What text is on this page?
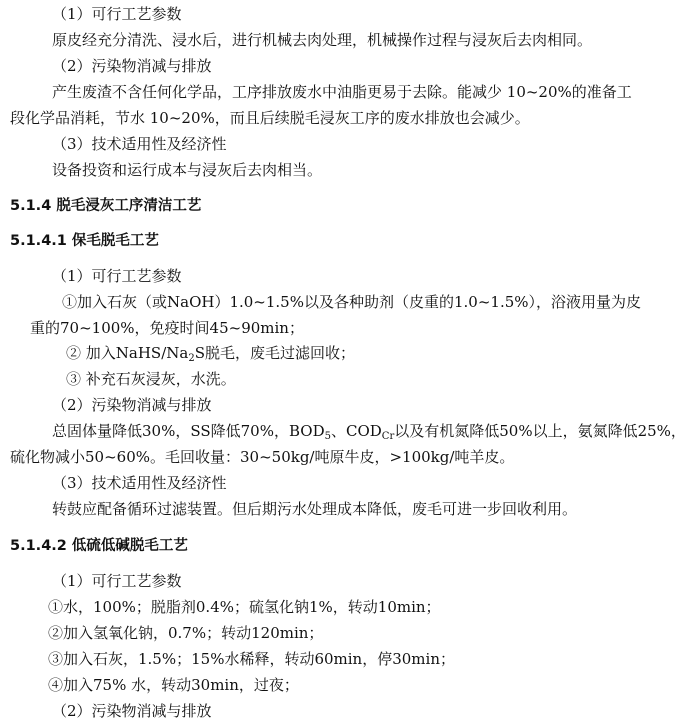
（1）可行工艺参数
原皮经充分清洗、浸水后，进行机械去肉处理，机械操作过程与浸灰后去肉相同。
（2）污染物消减与排放
产生废渣不含任何化学品，工序排放废水中油脂更易于去除。能减少 10~20%的准备工
段化学品消耗，节水 10~20%，而且后续脱毛浸灰工序的废水排放也会减少。
（3）技术适用性及经济性
设备投资和运行成本与浸灰后去肉相当。
5.1.4 脱毛浸灰工序清洁工艺
5.1.4.1 保毛脱毛工艺
（1）可行工艺参数
①加入石灰（或NaOH）1.0~1.5%以及各种助剂（皮重的1.0~1.5%），浴液用量为皮
重的70~100%，免疫时间45~90min；
② 加入NaHS/$Na_2S$脱毛，废毛过滤回收；
③ 补充石灰浸灰，水洗。
（2）污染物消减与排放
总固体量降低30%，SS降低70%，$BOD_5$、$COD_{Cr}$以及有机氮降低50%以上，氨氮降低25%，
硫化物减小50~60%。毛回收量：30~50kg/吨原牛皮，>100kg/吨羊皮。
（3）技术适用性及经济性
转鼓应配备循环过滤装置。但后期污水处理成本降低，废毛可进一步回收利用。
5.1.4.2 低硫低碱脱毛工艺
（1）可行工艺参数
①水，100%；脱脂剂0.4%；硫氢化钠1%，转动10min；
②加入氢氧化钠，0.7%；转动120min；
③加入石灰，1.5%；15%水稀释，转动60min，停30min；
④加入75% 水，转动30min，过夜；
（2）污染物消减与排放
